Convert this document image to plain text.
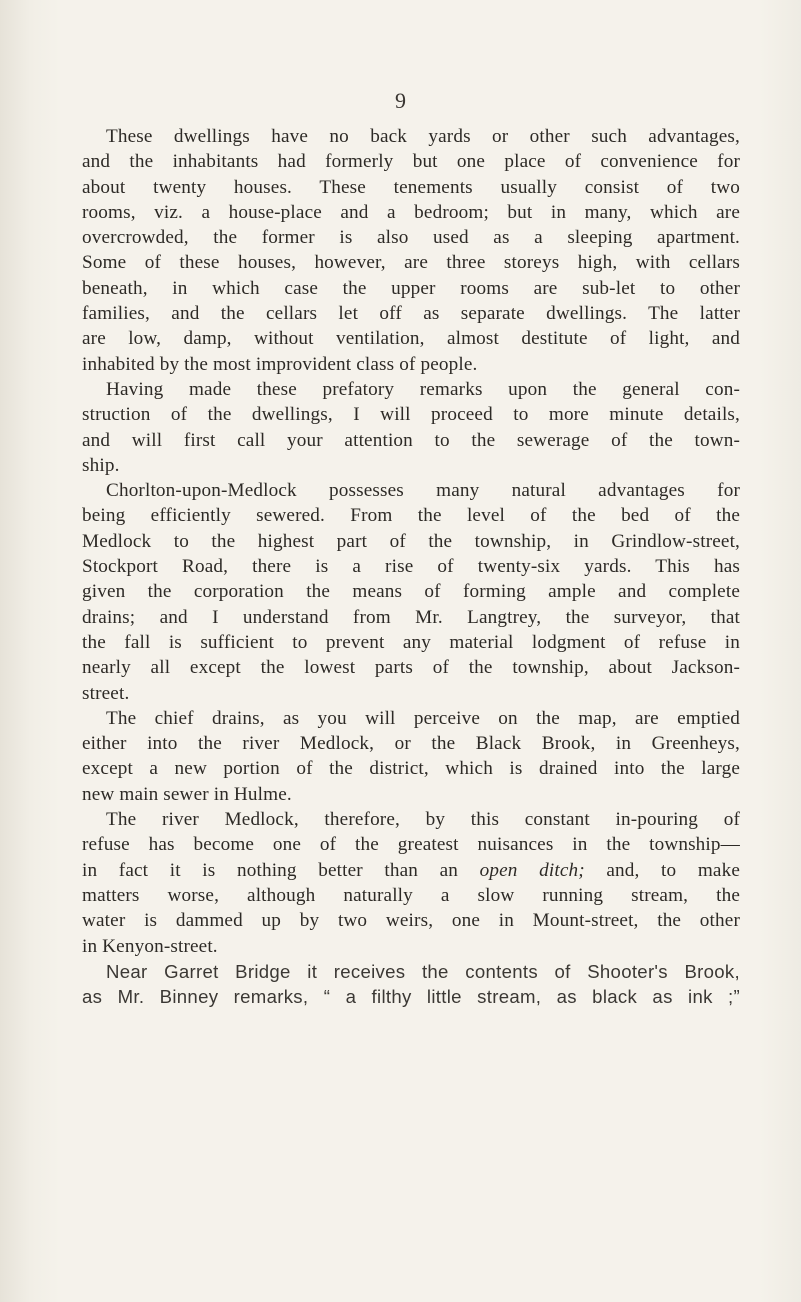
9
These dwellings have no back yards or other such advantages,
and the inhabitants had formerly but one place of convenience for
about twenty houses. These tenements usually consist of two
rooms, viz. a house-place and a bedroom; but in many, which are
overcrowded, the former is also used as a sleeping apartment.
Some of these houses, however, are three storeys high, with cellars
beneath, in which case the upper rooms are sub-let to other
families, and the cellars let off as separate dwellings. The latter
are low, damp, without ventilation, almost destitute of light, and
inhabited by the most improvident class of people.
Having made these prefatory remarks upon the general con-
struction of the dwellings, I will proceed to more minute details,
and will first call your attention to the sewerage of the town-
ship.
Chorlton-upon-Medlock possesses many natural advantages for
being efficiently sewered. From the level of the bed of the
Medlock to the highest part of the township, in Grindlow-street,
Stockport Road, there is a rise of twenty-six yards. This has
given the corporation the means of forming ample and complete
drains; and I understand from Mr. Langtrey, the surveyor, that
the fall is sufficient to prevent any material lodgment of refuse in
nearly all except the lowest parts of the township, about Jackson-
street.
The chief drains, as you will perceive on the map, are emptied
either into the river Medlock, or the Black Brook, in Greenheys,
except a new portion of the district, which is drained into the large
new main sewer in Hulme.
The river Medlock, therefore, by this constant in-pouring of
refuse has become one of the greatest nuisances in the township—
in fact it is nothing better than an open ditch; and, to make
matters worse, although naturally a slow running stream, the
water is dammed up by two weirs, one in Mount-street, the other
in Kenyon-street.
Near Garret Bridge it receives the contents of Shooter's Brook,
as Mr. Binney remarks, “ a filthy little stream, as black as ink ;”
